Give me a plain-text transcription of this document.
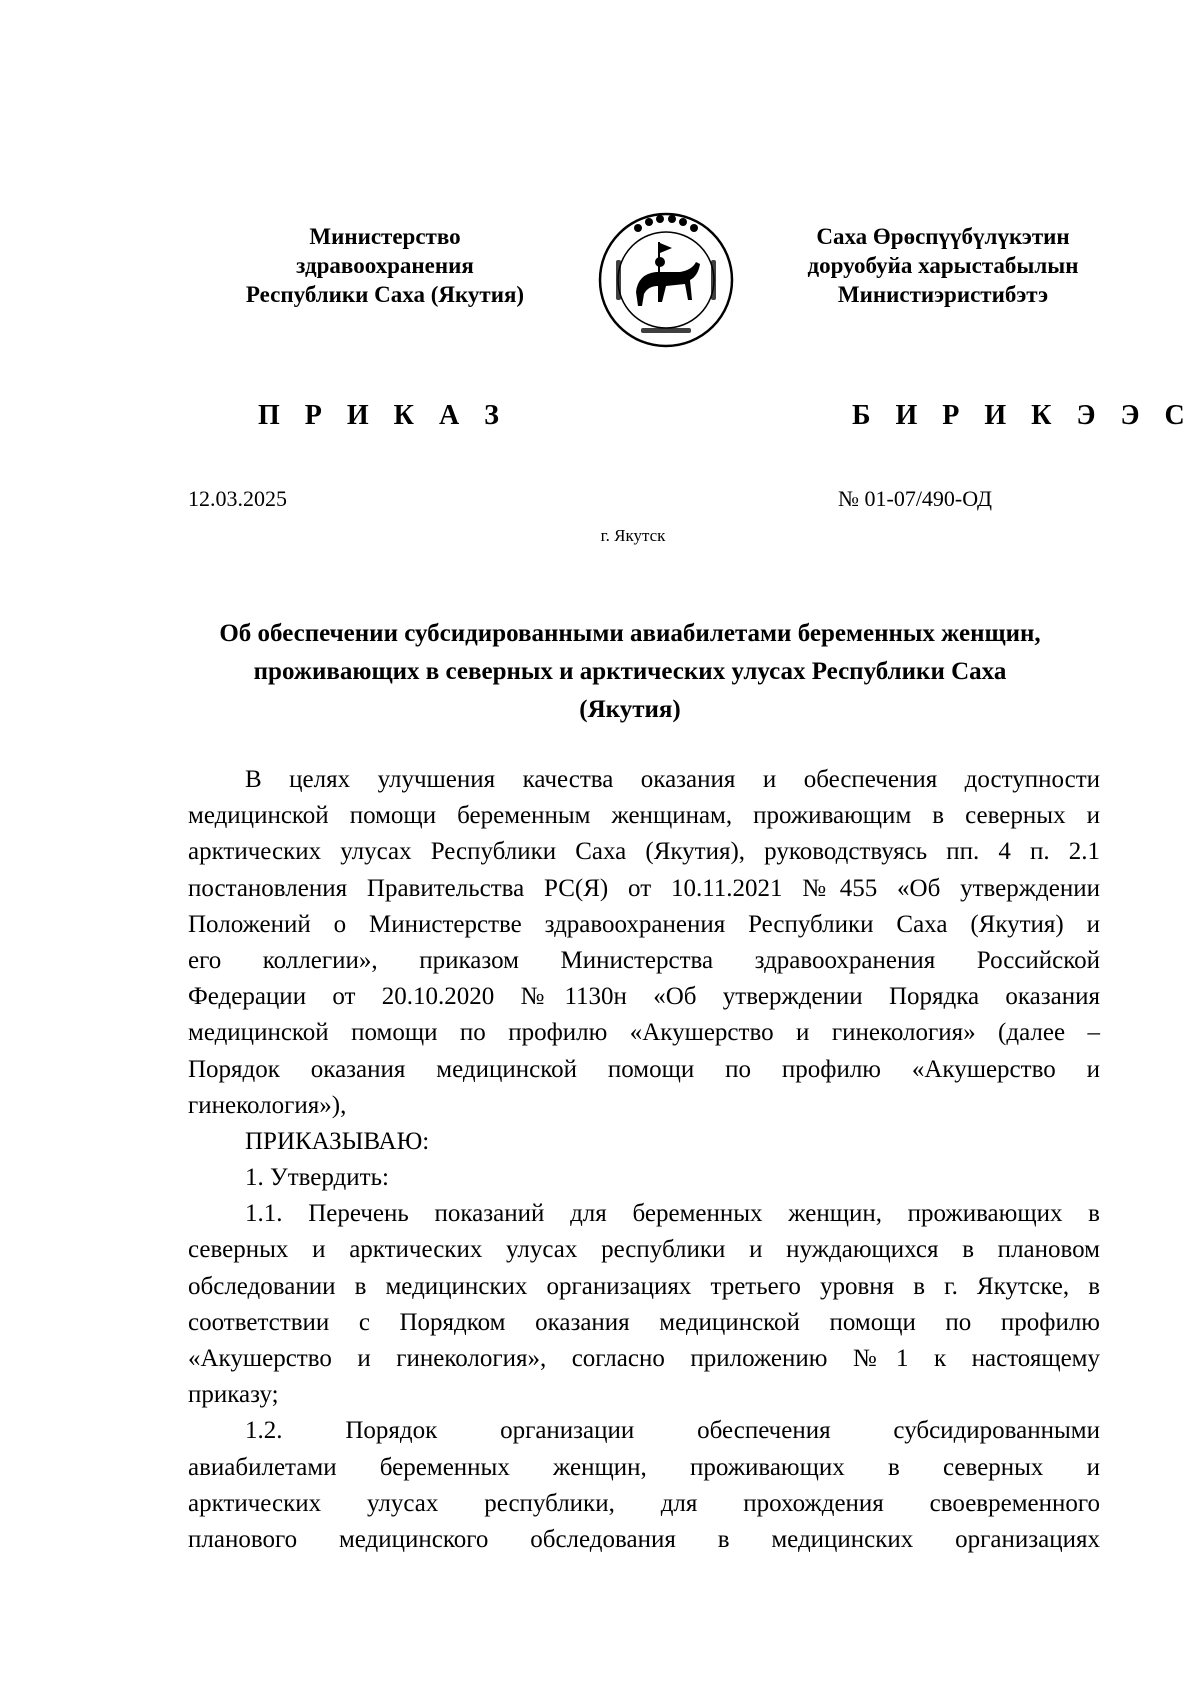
Министерство
здравоохранения
Республики Саха (Якутия)
Саха Өрөспүүбүлүкэтин
доруобуйа харыстабылын
Министиэристибэтэ
П Р И К А З	Б И Р И К Э Э С
12.03.2025	№ 01-07/490-ОД
г. Якутск
Об обеспечении субсидированными авиабилетами беременных женщин,
проживающих в северных и арктических улусах Республики Саха
(Якутия)
В целях улучшения качества оказания и обеспечения доступности
медицинской помощи беременным женщинам, проживающим в северных и
арктических улусах Республики Саха (Якутия), руководствуясь пп. 4 п. 2.1
постановления Правительства РС(Я) от 10.11.2021 №455 «Об утверждении
Положений о Министерстве здравоохранения Республики Саха (Якутия) и
его коллегии», приказом Министерства здравоохранения Российской
Федерации от 20.10.2020 №1130н «Об утверждении Порядка оказания
медицинской помощи по профилю «Акушерство и гинекология» (далее –
Порядок оказания медицинской помощи по профилю «Акушерство и
гинекология»),
ПРИКАЗЫВАЮ:
1. Утвердить:
1.1. Перечень показаний для беременных женщин, проживающих в
северных и арктических улусах республики и нуждающихся в плановом
обследовании в медицинских организациях третьего уровня в г. Якутске, в
соответствии с Порядком оказания медицинской помощи по профилю
«Акушерство и гинекология», согласно приложению №1 к настоящему
приказу;
1.2. Порядок организации обеспечения субсидированными
авиабилетами беременных женщин, проживающих в северных и
арктических улусах республики, для прохождения своевременного
планового медицинского обследования в медицинских организациях
